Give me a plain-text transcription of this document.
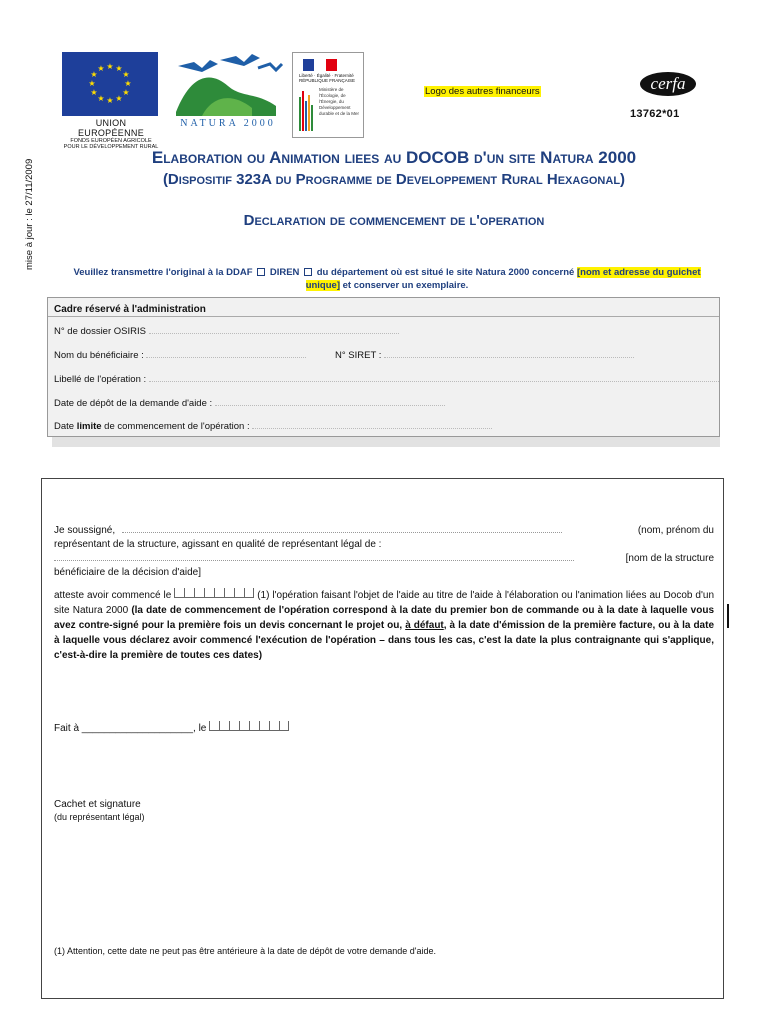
mise à jour : le 27/11/2009
★ ★
★
★
★
★
★
★
★
★
★
★
UNION EUROPÉENNE
FONDS EUROPÉEN AGRICOLE POUR LE DÉVELOPPEMENT RURAL
NATURA 2000
Liberté · Égalité · Fraternité RÉPUBLIQUE FRANÇAISE
Ministère de l'Écologie, de l'Énergie, du Développement durable et de la Mer
Logo des autres financeurs	cerfa
13762*01
Elaboration ou Animation liees au DOCOB d'un site Natura 2000
(Dispositif 323A du Programme de Developpement Rural Hexagonal)
Declaration de commencement de l'operation
Veuillez transmettre l'original à la DDAF DIREN du département où est situé le site Natura 2000 concerné [nom et adresse du guichet unique] et conserver un exemplaire.
Cadre réservé à l'administration
N° de dossier OSIRIS
Nom du bénéficiaire :	N° SIRET :
Libellé de l'opération :
Date de dépôt de la demande d'aide :
Date limite de commencement de l'opération :
Je soussigné,	(nom, prénom du
représentant de la structure, agissant en qualité de représentant légal de :
[nom de la structure
bénéficiaire de la décision d'aide]
atteste avoir commencé le	(1) l'opération faisant l'objet de l'aide au titre de l'aide à l'élaboration ou l'animation liées au Docob d'un site Natura 2000 (la date de commencement de l'opération correspond à la date du premier bon de commande ou à la date à laquelle vous avez contre-signé pour la première fois un devis concernant le projet ou, à défaut, à la date d'émission de la première facture, ou à la date à laquelle vous déclarez avoir commencé l'exécution de l'opération – dans tous les cas, c'est la date la plus contraignante qui s'applique, c'est-à-dire la première de toutes ces dates)
Fait à ____________________, le
Cachet et signature
(du représentant légal)
(1) Attention, cette date ne peut pas être antérieure à la date de dépôt de votre demande d'aide.
